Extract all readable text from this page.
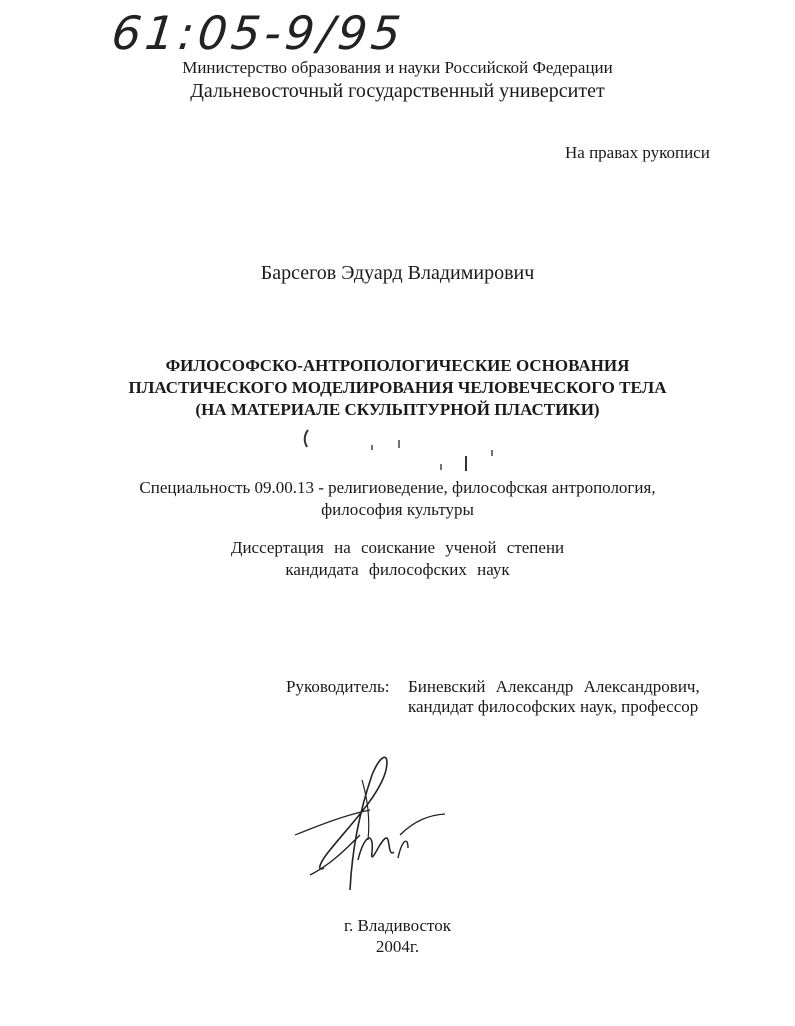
61:05-9/95
Министерство образования и науки Российской Федерации
Дальневосточный государственный университет
На правах рукописи
Барсегов Эдуард Владимирович
ФИЛОСОФСКО-АНТРОПОЛОГИЧЕСКИЕ ОСНОВАНИЯ
ПЛАСТИЧЕСКОГО МОДЕЛИРОВАНИЯ ЧЕЛОВЕЧЕСКОГО ТЕЛА
(НА МАТЕРИАЛЕ СКУЛЬПТУРНОЙ ПЛАСТИКИ)
Специальность 09.00.13 - религиоведение, философская антропология,
философия культуры
Диссертация на соискание ученой степени
кандидата философских наук
Руководитель: Биневский Александр Александрович,
кандидат философских наук, профессор
г. Владивосток
2004г.
